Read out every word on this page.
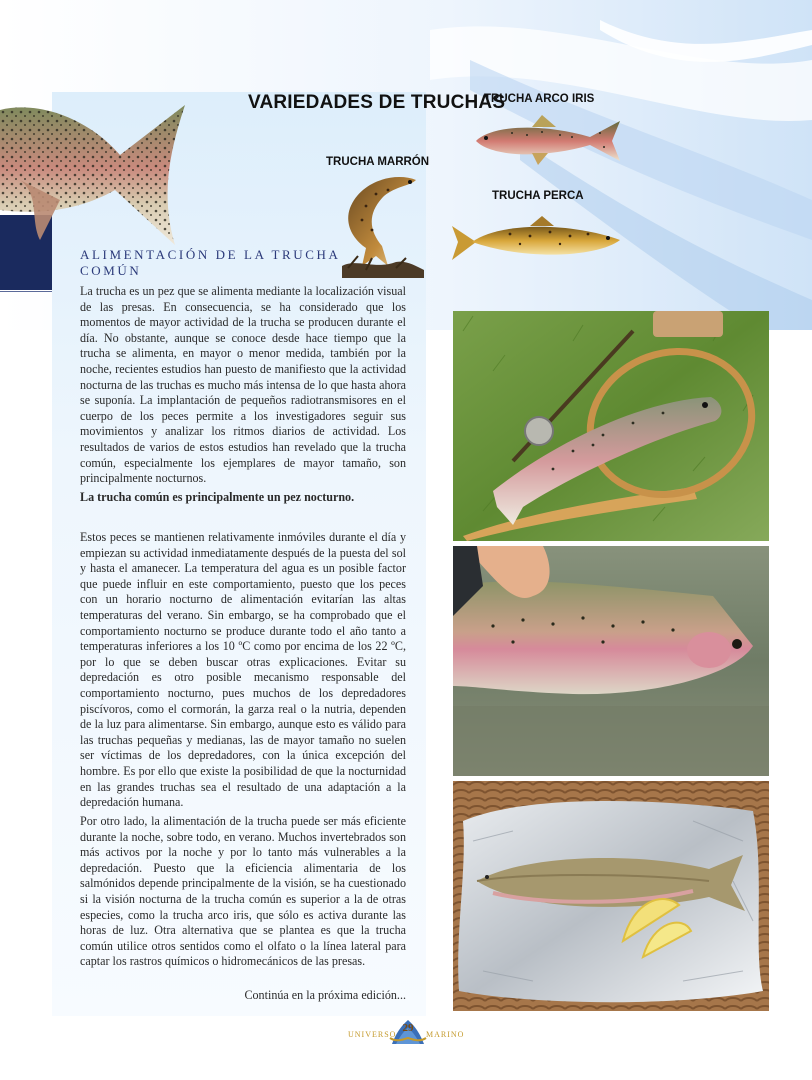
VARIEDADES DE TRUCHAS
TRUCHA ARCO IRIS
TRUCHA MARRÓN
TRUCHA PERCA
ALIMENTACIÓN DE LA TRUCHA COMÚN

La trucha es un pez que se alimenta mediante la localización visual de las presas. En consecuencia, se ha considerado que los momentos de mayor actividad de la trucha se producen durante el día. No obstante, aunque se conoce desde hace tiempo que la trucha se alimenta, en mayor o menor medida, también por la noche, recientes estudios han puesto de manifiesto que la actividad nocturna de las truchas es mucho más intensa de lo que hasta ahora se suponía. La implantación de pequeños radiotransmisores en el cuerpo de los peces permite a los investigadores seguir sus movimientos y analizar los ritmos diarios de actividad. Los resultados de varios de estos estudios han revelado que la trucha común, especialmente los ejemplares de mayor tamaño, son principalmente nocturnos.

La trucha común es principalmente un pez nocturno.

Estos peces se mantienen relativamente inmóviles durante el día y empiezan su actividad inmediatamente después de la puesta del sol y hasta el amanecer. La temperatura del agua es un posible factor que puede influir en este comportamiento, puesto que los peces con un horario nocturno de alimentación evitarían las altas temperaturas del verano. Sin embargo, se ha comprobado que el comportamiento nocturno se produce durante todo el año tanto a temperaturas inferiores a los 10 ºC como por encima de los 22 ºC, por lo que se deben buscar otras explicaciones. Evitar su depredación es otro posible mecanismo responsable del comportamiento nocturno, pues muchos de los depredadores piscívoros, como el cormorán, la garza real o la nutria, dependen de la luz para alimentarse. Sin embargo, aunque esto es válido para las truchas pequeñas y medianas, las de mayor tamaño no suelen ser víctimas de los depredadores, con la única excepción del hombre. Es por ello que existe la posibilidad de que la nocturnidad en las grandes truchas sea el resultado de una adaptación a la depredación humana.

Por otro lado, la alimentación de la trucha puede ser más eficiente durante la noche, sobre todo, en verano. Muchos invertebrados son más activos por la noche y por lo tanto más vulnerables a la depredación. Puesto que la eficiencia alimentaria de los salmónidos depende principalmente de la visión, se ha cuestionado si la visión nocturna de la trucha común es superior a la de otras especies, como la trucha arco iris, que sólo es activa durante las horas de luz. Otra alternativa que se plantea es que la trucha común utilice otros sentidos como el olfato o la línea lateral para captar los rastros químicos o hidromecánicos de las presas.

Continúa en la próxima edición...
UNIVERSO
29
MARINO
